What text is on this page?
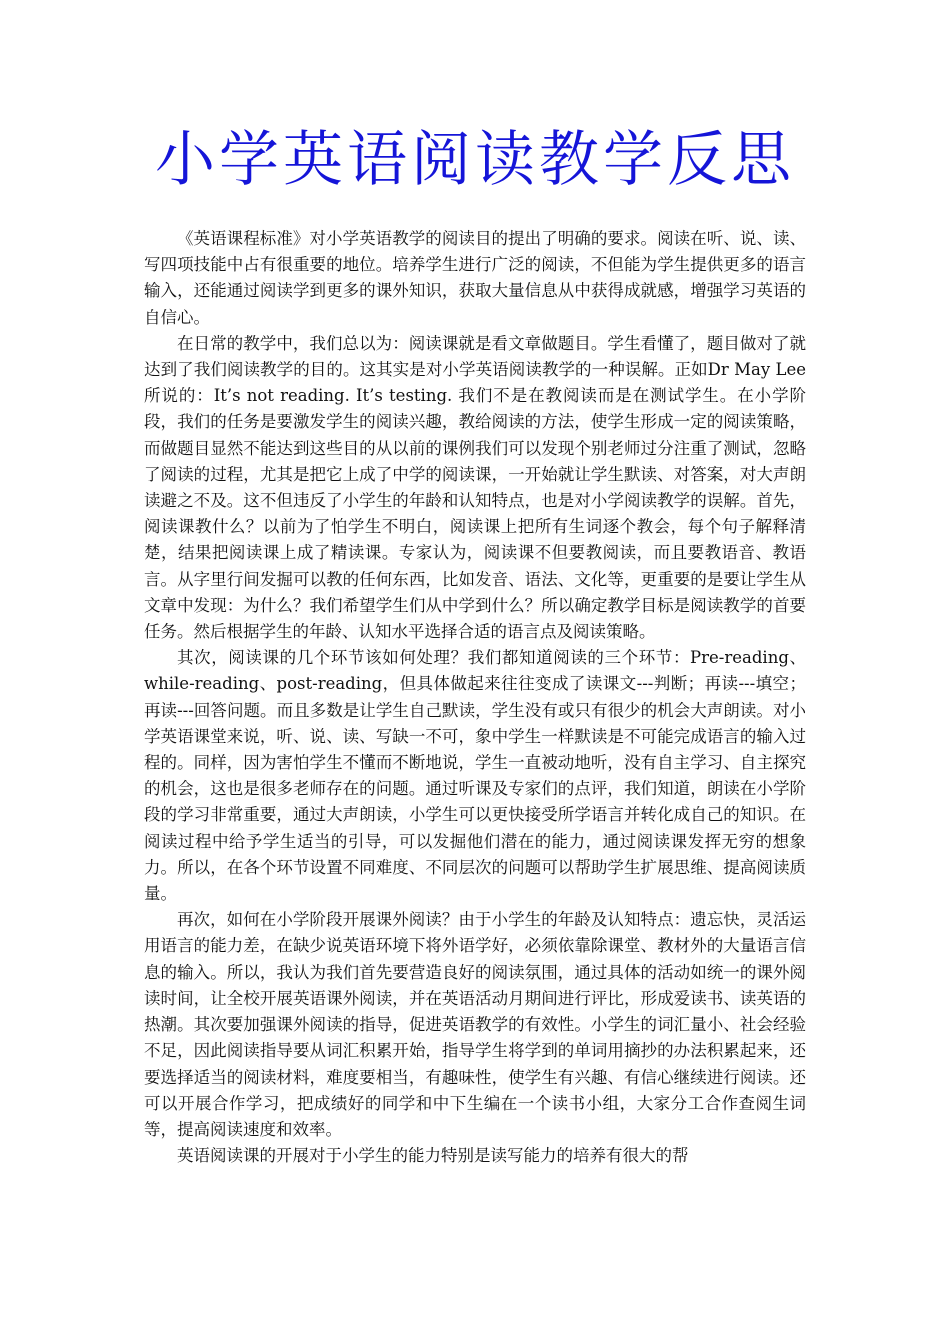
小学英语阅读教学反思

《英语课程标准》对小学英语教学的阅读目的提出了明确的要求。阅读在听、说、读、写四项技能中占有很重要的地位。培养学生进行广泛的阅读，不但能为学生提供更多的语言输入，还能通过阅读学到更多的课外知识，获取大量信息从中获得成就感，增强学习英语的自信心。

在日常的教学中，我们总以为：阅读课就是看文章做题目。学生看懂了，题目做对了就达到了我们阅读教学的目的。这其实是对小学英语阅读教学的一种误解。正如Dr May Lee所说的：It’s not reading. It’s testing. 我们不是在教阅读而是在测试学生。在小学阶段，我们的任务是要激发学生的阅读兴趣，教给阅读的方法，使学生形成一定的阅读策略，而做题目显然不能达到这些目的从以前的课例我们可以发现个别老师过分注重了测试，忽略了阅读的过程，尤其是把它上成了中学的阅读课，一开始就让学生默读、对答案，对大声朗读避之不及。这不但违反了小学生的年龄和认知特点，也是对小学阅读教学的误解。首先，阅读课教什么？以前为了怕学生不明白，阅读课上把所有生词逐个教会，每个句子解释清楚，结果把阅读课上成了精读课。专家认为，阅读课不但要教阅读，而且要教语音、教语言。从字里行间发掘可以教的任何东西，比如发音、语法、文化等，更重要的是要让学生从文章中发现：为什么？我们希望学生们从中学到什么？所以确定教学目标是阅读教学的首要任务。然后根据学生的年龄、认知水平选择合适的语言点及阅读策略。

其次，阅读课的几个环节该如何处理？我们都知道阅读的三个环节：Pre-reading、while-reading、post-reading，但具体做起来往往变成了读课文---判断；再读---填空；再读---回答问题。而且多数是让学生自己默读，学生没有或只有很少的机会大声朗读。对小学英语课堂来说，听、说、读、写缺一不可，象中学生一样默读是不可能完成语言的输入过程的。同样，因为害怕学生不懂而不断地说，学生一直被动地听，没有自主学习、自主探究的机会，这也是很多老师存在的问题。通过听课及专家们的点评，我们知道，朗读在小学阶段的学习非常重要，通过大声朗读，小学生可以更快接受所学语言并转化成自己的知识。在阅读过程中给予学生适当的引导，可以发掘他们潜在的能力，通过阅读课发挥无穷的想象力。所以，在各个环节设置不同难度、不同层次的问题可以帮助学生扩展思维、提高阅读质量。

再次，如何在小学阶段开展课外阅读？由于小学生的年龄及认知特点：遗忘快，灵活运用语言的能力差，在缺少说英语环境下将外语学好，必须依靠除课堂、教材外的大量语言信息的输入。所以，我认为我们首先要营造良好的阅读氛围，通过具体的活动如统一的课外阅读时间，让全校开展英语课外阅读，并在英语活动月期间进行评比，形成爱读书、读英语的热潮。其次要加强课外阅读的指导，促进英语教学的有效性。小学生的词汇量小、社会经验不足，因此阅读指导要从词汇积累开始，指导学生将学到的单词用摘抄的办法积累起来，还要选择适当的阅读材料，难度要相当，有趣味性，使学生有兴趣、有信心继续进行阅读。还可以开展合作学习，把成绩好的同学和中下生编在一个读书小组，大家分工合作查阅生词等，提高阅读速度和效率。

英语阅读课的开展对于小学生的能力特别是读写能力的培养有很大的帮
